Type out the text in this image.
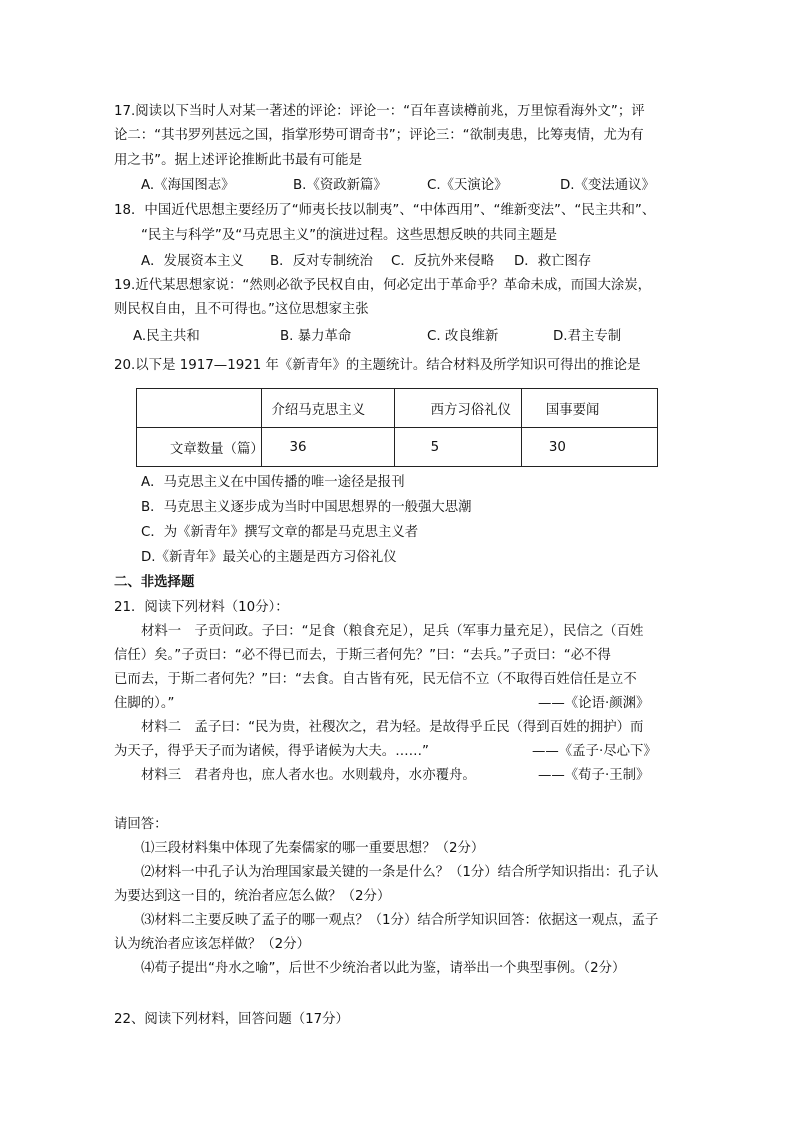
17.阅读以下当时人对某一著述的评论：评论一：“百年喜读樽前兆，万里惊看海外文”；评
论二：“其书罗列甚远之国，指掌形势可谓奇书”；评论三：“欲制夷患，比筹夷情，尤为有
用之书”。据上述评论推断此书最有可能是
A.《海国图志》	B.《资政新篇》	C.《天演论》	D.《变法通议》
18．中国近代思想主要经历了“师夷长技以制夷”、“中体西用”、“维新变法”、“民主共和”、
“民主与科学”及“马克思主义”的演进过程。这些思想反映的共同主题是
A．发展资本主义 B．反对专制统治 C．反抗外来侵略 D．救亡图存
19.近代某思想家说：“然则必欲予民权自由，何必定出于革命乎？革命未成，而国大涂炭，
则民权自由，且不可得也。”这位思想家主张
A.民主共和	B. 暴力革命	C. 改良维新	D.君主专制
20.以下是 1917—1921 年《新青年》的主题统计。结合材料及所学知识可得出的推论是

	介绍马克思主义	西方习俗礼仪	国事要闻

文章数量（篇）	36	5	30
A．马克思主义在中国传播的唯一途径是报刊
B．马克思主义逐步成为当时中国思想界的一般强大思潮
C．为《新青年》撰写文章的都是马克思主义者
D.《新青年》最关心的主题是西方习俗礼仪
二、非选择题
21．阅读下列材料（10分）：
材料一　子贡问政。子曰：“足食（粮食充足），足兵（军事力量充足），民信之（百姓
信任）矣。”子贡曰：“必不得已而去，于斯三者何先？”曰：“去兵。”子贡曰：“必不得
已而去，于斯二者何先？”曰：“去食。自古皆有死，民无信不立（不取得百姓信任是立不
住脚的）。”	——《论语·颜渊》
材料二　孟子曰：“民为贵，社稷次之，君为轻。是故得乎丘民（得到百姓的拥护）而
为天子，得乎天子而为诸候，得乎诸候为大夫。……”	——《孟子·尽心下》
材料三　君者舟也，庶人者水也。水则载舟，水亦覆舟。	——《荀子·王制》
请回答：
⑴三段材料集中体现了先秦儒家的哪一重要思想？（2分）
⑵材料一中孔子认为治理国家最关键的一条是什么？（1分）结合所学知识指出：孔子认
为要达到这一目的，统治者应怎么做？（2分）
⑶材料二主要反映了孟子的哪一观点？（1分）结合所学知识回答：依据这一观点，孟子
认为统治者应该怎样做？（2分）
⑷荀子提出“舟水之喻”，后世不少统治者以此为鉴，请举出一个典型事例。（2分）
22、阅读下列材料，回答问题（17分）
